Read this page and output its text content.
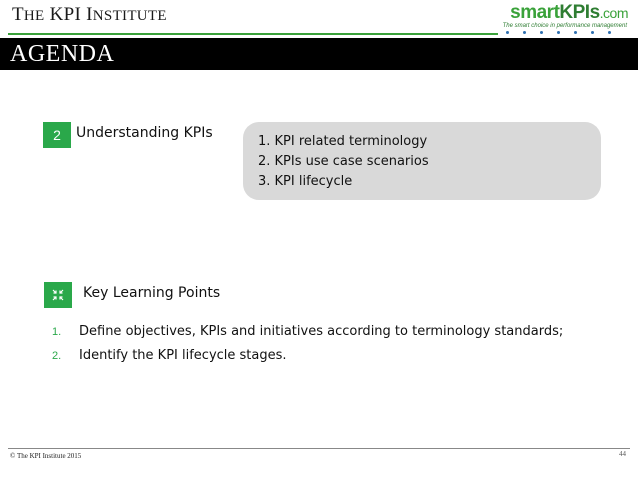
THE KPI INSTITUTE	smartKPIs.com
The smart choice in performance management
AGENDA
2	Understanding KPIs
1. KPI related terminology
2. KPIs use case scenarios
3. KPI lifecycle
Key Learning Points
1. Define objectives, KPIs and initiatives according to terminology standards;
2. Identify the KPI lifecycle stages.
© The KPI Institute 2015	44
